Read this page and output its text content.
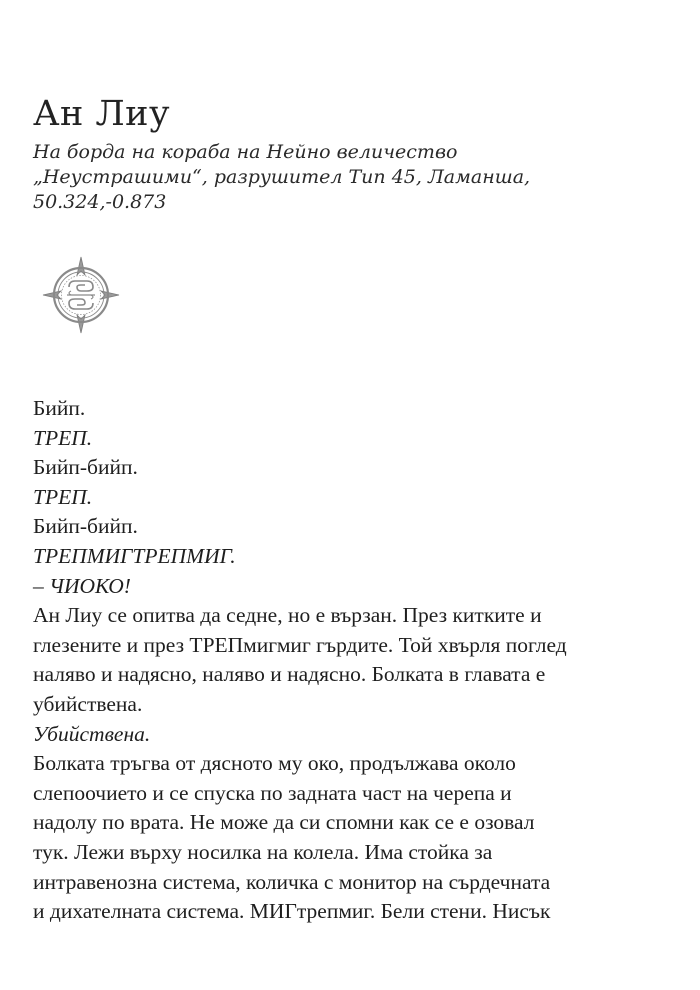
Ан Лиу
На борда на кораба на Нейно величество
„Неустрашими“, разрушител Тип 45, Ламанша,
50.324,-0.873

Бийп.

ТРЕП.

Бийп-бийп.

ТРЕП.

Бийп-бийп.

ТРЕПМИГТРЕПМИГ.

– ЧИОКО!

Ан Лиу се опитва да седне, но е вързан. През китките и

глезените и през ТРЕПмигмиг гърдите. Той хвърля поглед

наляво и надясно, наляво и надясно. Болката в главата е

убийствена.

Убийствена.

Болката тръгва от дясното му око, продължава около

слепоочието и се спуска по задната част на черепа и

надолу по врата. Не може да си спомни как се е озовал

тук. Лежи върху носилка на колела. Има стойка за

интравенозна система, количка с монитор на сърдечната

и дихателната система. МИГтрепмиг. Бели стени. Нисък
